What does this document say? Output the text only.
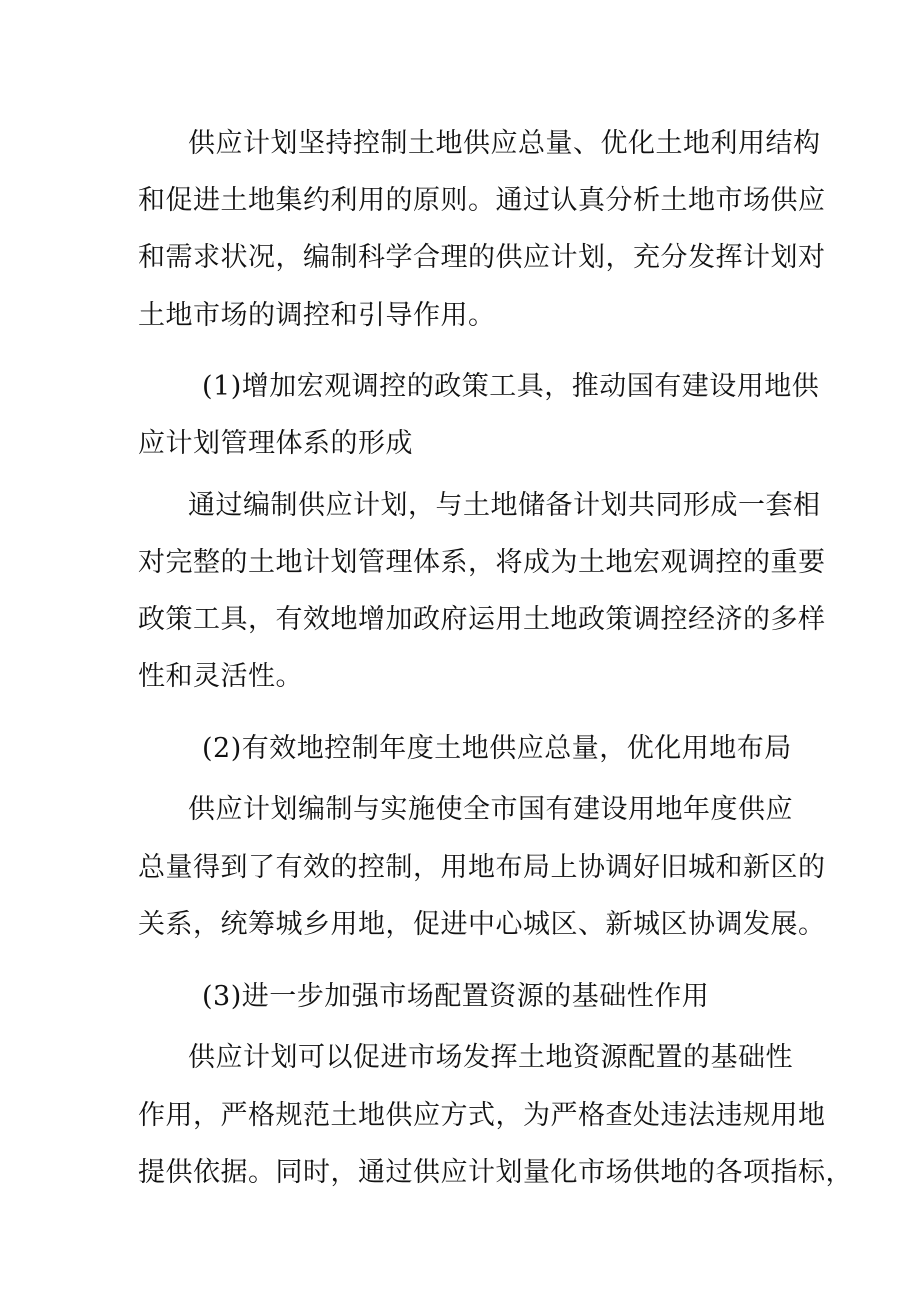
供应计划坚持控制土地供应总量、优化土地利用结构
和促进土地集约利用的原则。通过认真分析土地市场供应
和需求状况，编制科学合理的供应计划，充分发挥计划对
土地市场的调控和引导作用。
(1)增加宏观调控的政策工具，推动国有建设用地供
应计划管理体系的形成
通过编制供应计划，与土地储备计划共同形成一套相
对完整的土地计划管理体系，将成为土地宏观调控的重要
政策工具，有效地增加政府运用土地政策调控经济的多样
性和灵活性。
(2)有效地控制年度土地供应总量，优化用地布局
供应计划编制与实施使全市国有建设用地年度供应
总量得到了有效的控制，用地布局上协调好旧城和新区的
关系，统筹城乡用地，促进中心城区、新城区协调发展。
(3)进一步加强市场配置资源的基础性作用
供应计划可以促进市场发挥土地资源配置的基础性
作用，严格规范土地供应方式，为严格查处违法违规用地
提供依据。同时，通过供应计划量化市场供地的各项指标，
